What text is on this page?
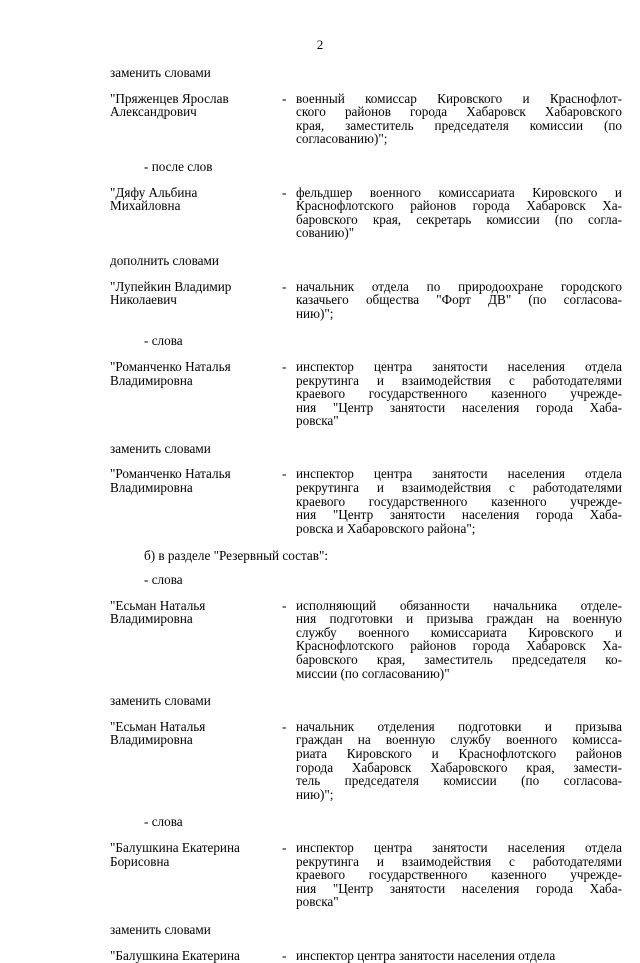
2
заменить словами
"Пряженцев Ярослав
Александрович
- военный комиссар Кировского и Краснофлот-
ского районов города Хабаровск Хабаровского
края, заместитель председателя комиссии (по
согласованию)";
- после слов
"Дяфу Альбина
Михайловна
- фельдшер военного комиссариата Кировского и
Краснофлотского районов города Хабаровск Ха-
баровского края, секретарь комиссии (по согла-
сованию)"
дополнить словами
"Лупейкин Владимир
Николаевич
- начальник отдела по природоохране городского
казачьего общества "Форт ДВ" (по согласова-
нию)";
- слова
"Романченко Наталья
Владимировна
- инспектор центра занятости населения отдела
рекрутинга и взаимодействия с работодателями
краевого государственного казенного учрежде-
ния "Центр занятости населения города Хаба-
ровска"
заменить словами
"Романченко Наталья
Владимировна
- инспектор центра занятости населения отдела
рекрутинга и взаимодействия с работодателями
краевого государственного казенного учрежде-
ния "Центр занятости населения города Хаба-
ровска и Хабаровского района";
б) в разделе "Резервный состав":
- слова
"Есьман Наталья
Владимировна
- исполняющий обязанности начальника отделе-
ния подготовки и призыва граждан на военную
службу военного комиссариата Кировского и
Краснофлотского районов города Хабаровск Ха-
баровского края, заместитель председателя ко-
миссии (по согласованию)"
заменить словами
"Есьман Наталья
Владимировна
- начальник отделения подготовки и призыва
граждан на военную службу военного комисса-
риата Кировского и Краснофлотского районов
города Хабаровск Хабаровского края, замести-
тель председателя комиссии (по согласова-
нию)";
- слова
"Балушкина Екатерина
Борисовна
- инспектор центра занятости населения отдела
рекрутинга и взаимодействия с работодателями
краевого государственного казенного учрежде-
ния "Центр занятости населения города Хаба-
ровска"
заменить словами
"Балушкина Екатерина	- инспектор центра занятости населения отдела
